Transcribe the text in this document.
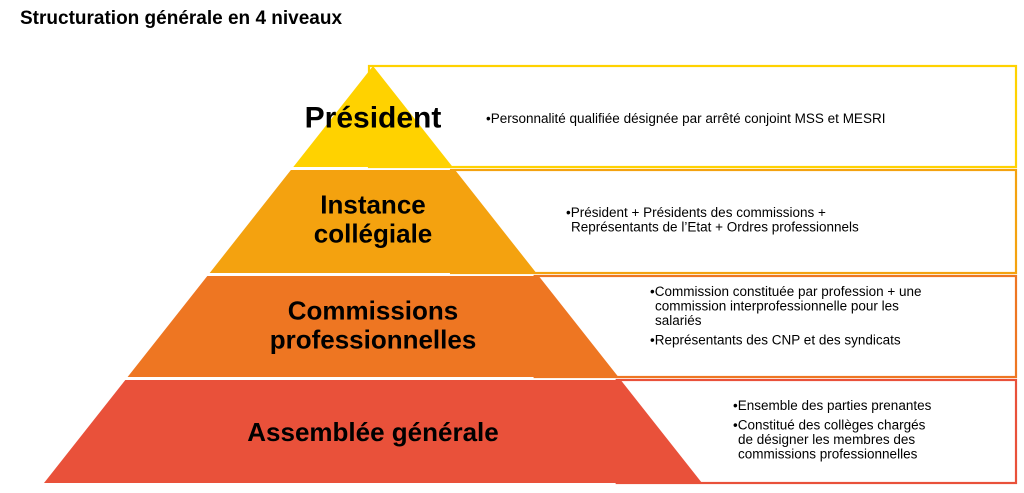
Structuration générale en 4 niveaux
Président
Instance collégiale
Commissions professionnelles
Assemblée générale
•Personnalité qualifiée désignée par arrêté conjoint MSS et MESRI
•Président + Présidents des commissions +
Représentants de l’Etat + Ordres professionnels
•Commission constituée par profession + une
commission interprofessionnelle pour les
salariés
•Représentants des CNP et des syndicats
•Ensemble des parties prenantes
•Constitué des collèges chargés
de désigner les membres des
commissions professionnelles
